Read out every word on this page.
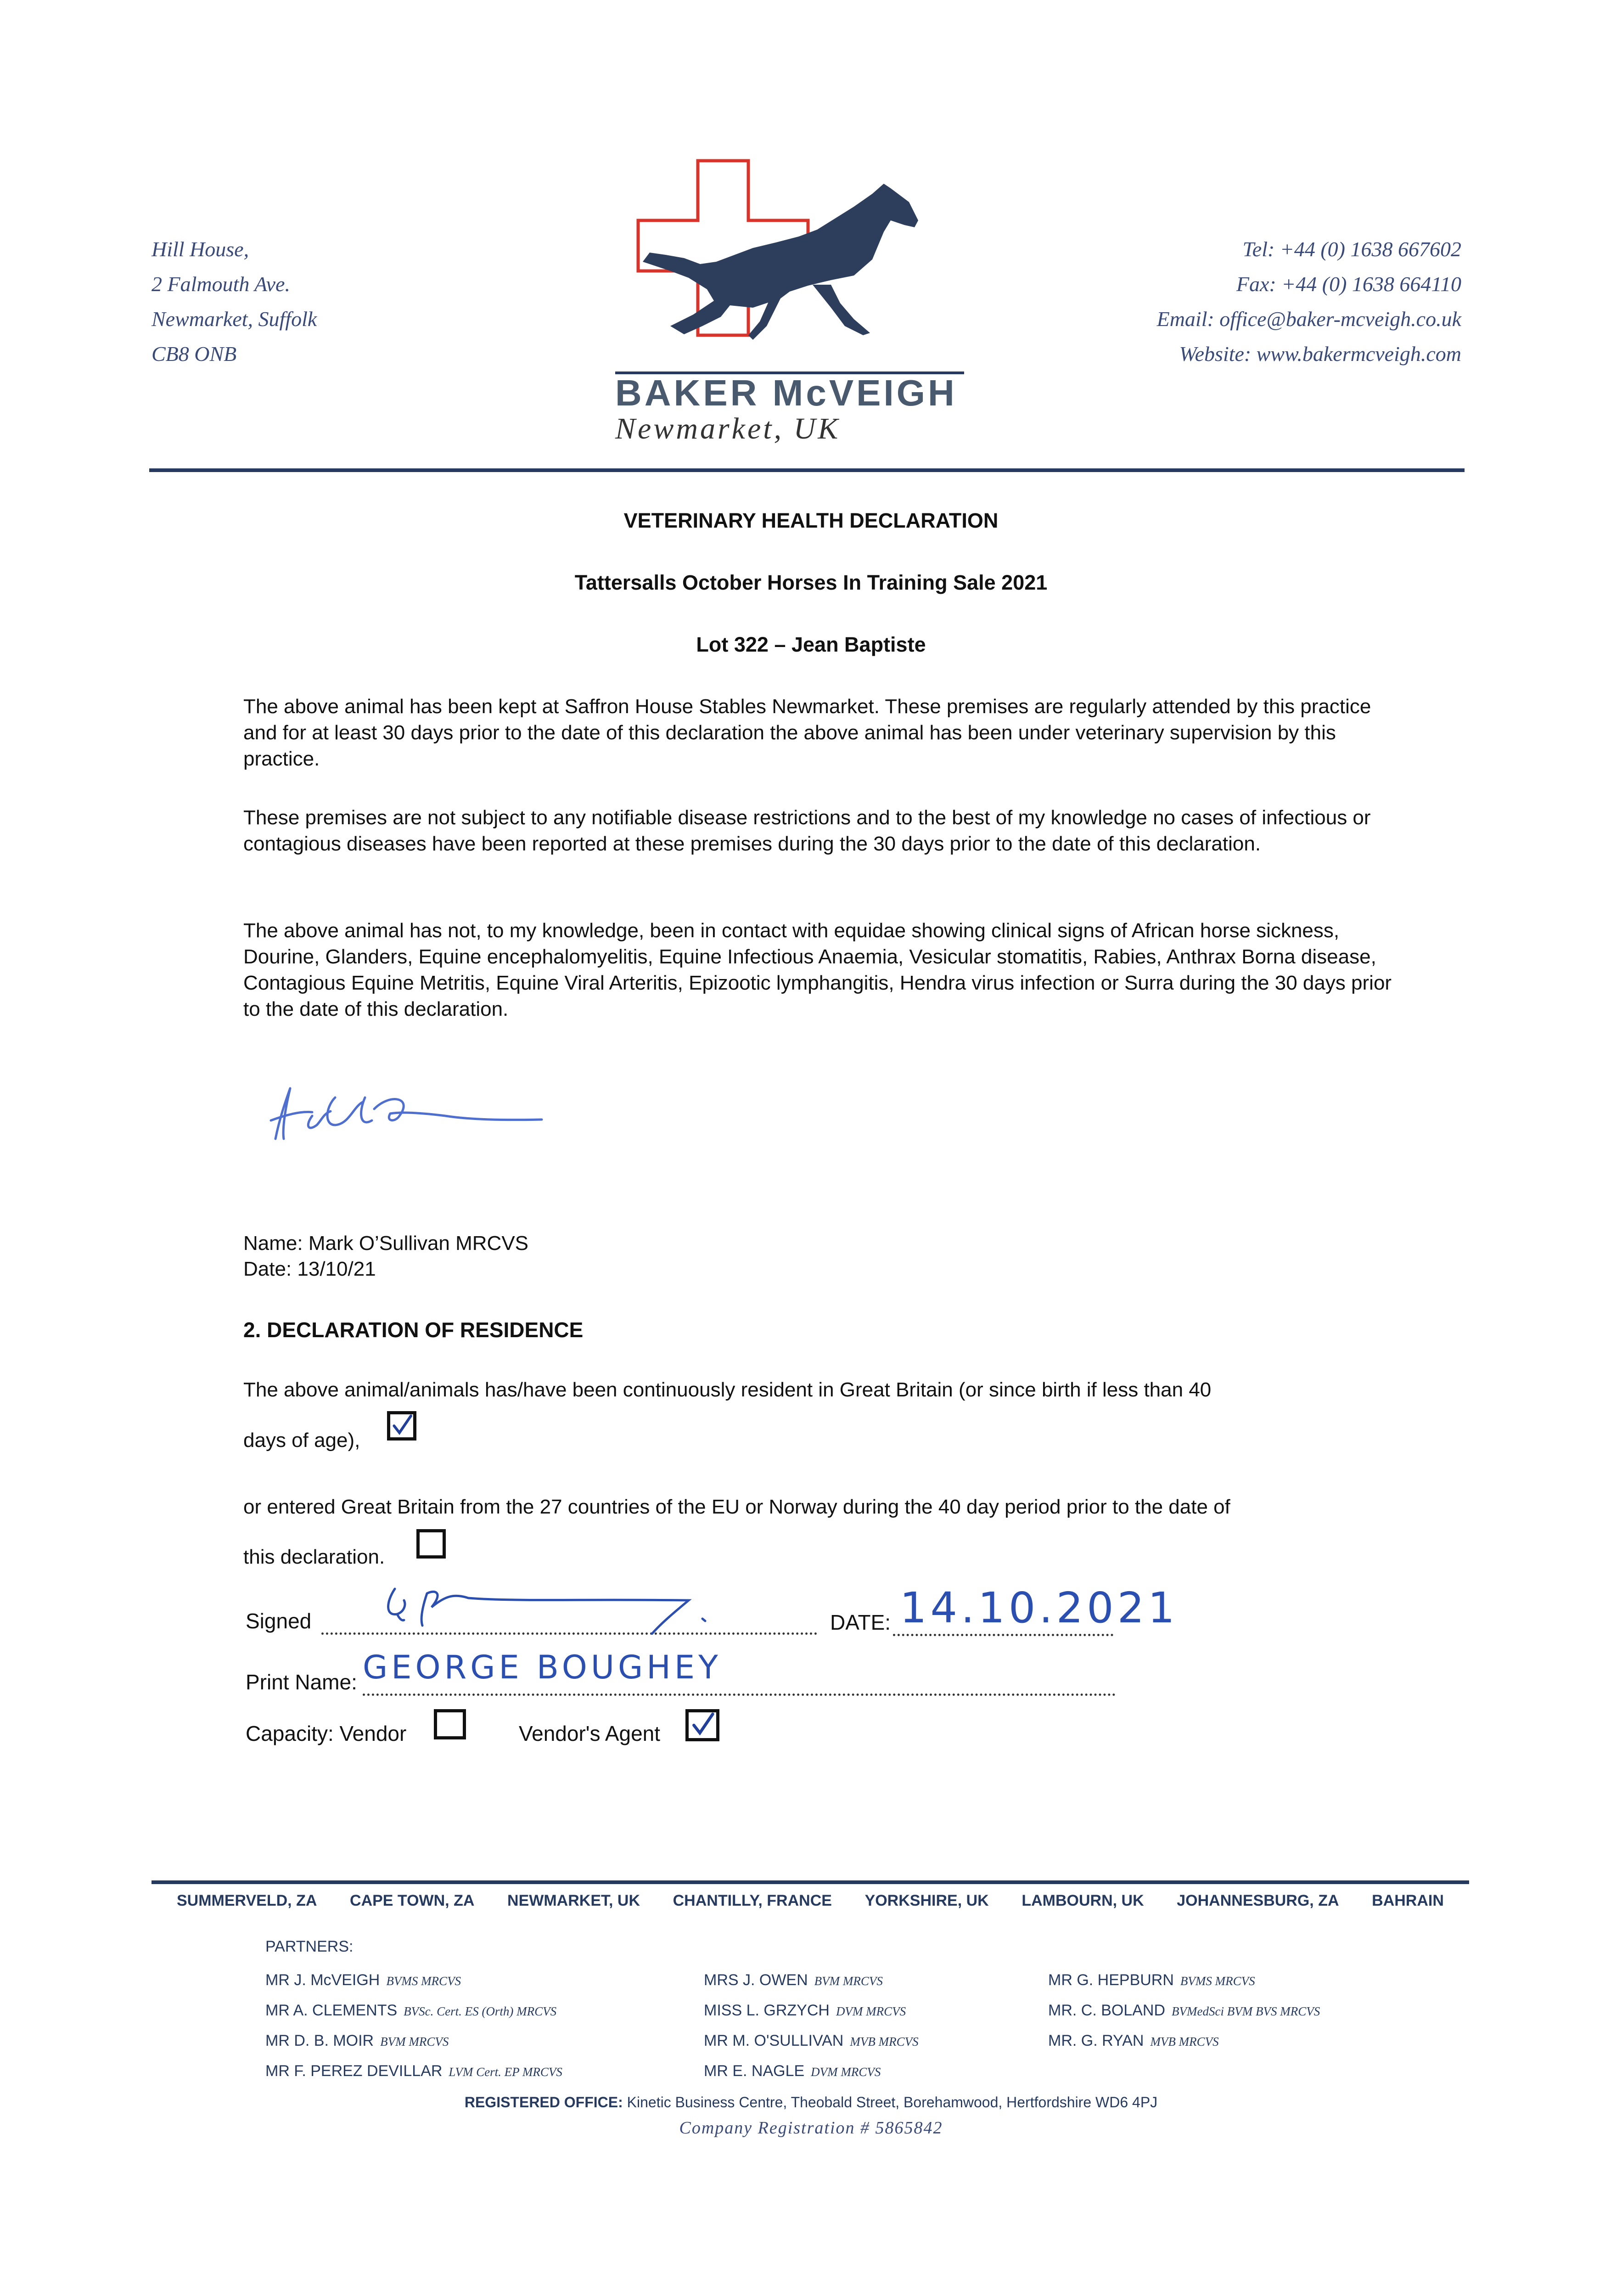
Hill House,
2 Falmouth Ave.
Newmarket, Suffolk
CB8 ONB
BAKER McVEIGH
Newmarket, UK
Tel: +44 (0) 1638 667602
Fax: +44 (0) 1638 664110
Email: office@baker-mcveigh.co.uk
Website: www.bakermcveigh.com
VETERINARY HEALTH DECLARATION
Tattersalls October Horses In Training Sale 2021
Lot 322 – Jean Baptiste
The above animal has been kept at Saffron House Stables Newmarket. These premises are regularly attended by this practice and for at least 30 days prior to the date of this declaration the above animal has been under veterinary supervision by this practice.
These premises are not subject to any notifiable disease restrictions and to the best of my knowledge no cases of infectious or contagious diseases have been reported at these premises during the 30 days prior to the date of this declaration.
The above animal has not, to my knowledge, been in contact with equidae showing clinical signs of African horse sickness, Dourine, Glanders, Equine encephalomyelitis, Equine Infectious Anaemia, Vesicular stomatitis, Rabies, Anthrax Borna disease, Contagious Equine Metritis, Equine Viral Arteritis, Epizootic lymphangitis, Hendra virus infection or Surra during the 30 days prior to the date of this declaration.
Name: Mark O’Sullivan MRCVS
Date: 13/10/21
2. DECLARATION OF RESIDENCE
The above animal/animals has/have been continuously resident in Great Britain (or since birth if less than 40
days of age),
or entered Great Britain from the 27 countries of the EU or Norway during the 40 day period prior to the date of
this declaration.
Signed	DATE: 14.10.2021
Print Name: GEORGE BOUGHEY
Capacity: Vendor	Vendor's Agent
SUMMERVELD, ZA CAPE TOWN, ZA NEWMARKET, UK CHANTILLY, FRANCE YORKSHIRE, UK LAMBOURN, UK JOHANNESBURG, ZA BAHRAIN
PARTNERS:
MR J. McVEIGH BVMS MRCVS
MR A. CLEMENTS BVSc. Cert. ES (Orth) MRCVS
MR D. B. MOIR BVM MRCVS
MR F. PEREZ DEVILLAR LVM Cert. EP MRCVS
MRS J. OWEN BVM MRCVS
MISS L. GRZYCH DVM MRCVS
MR M. O'SULLIVAN MVB MRCVS
MR E. NAGLE DVM MRCVS
MR G. HEPBURN BVMS MRCVS
MR. C. BOLAND BVMedSci BVM BVS MRCVS
MR. G. RYAN MVB MRCVS
REGISTERED OFFICE: Kinetic Business Centre, Theobald Street, Borehamwood, Hertfordshire WD6 4PJ
Company Registration # 5865842
